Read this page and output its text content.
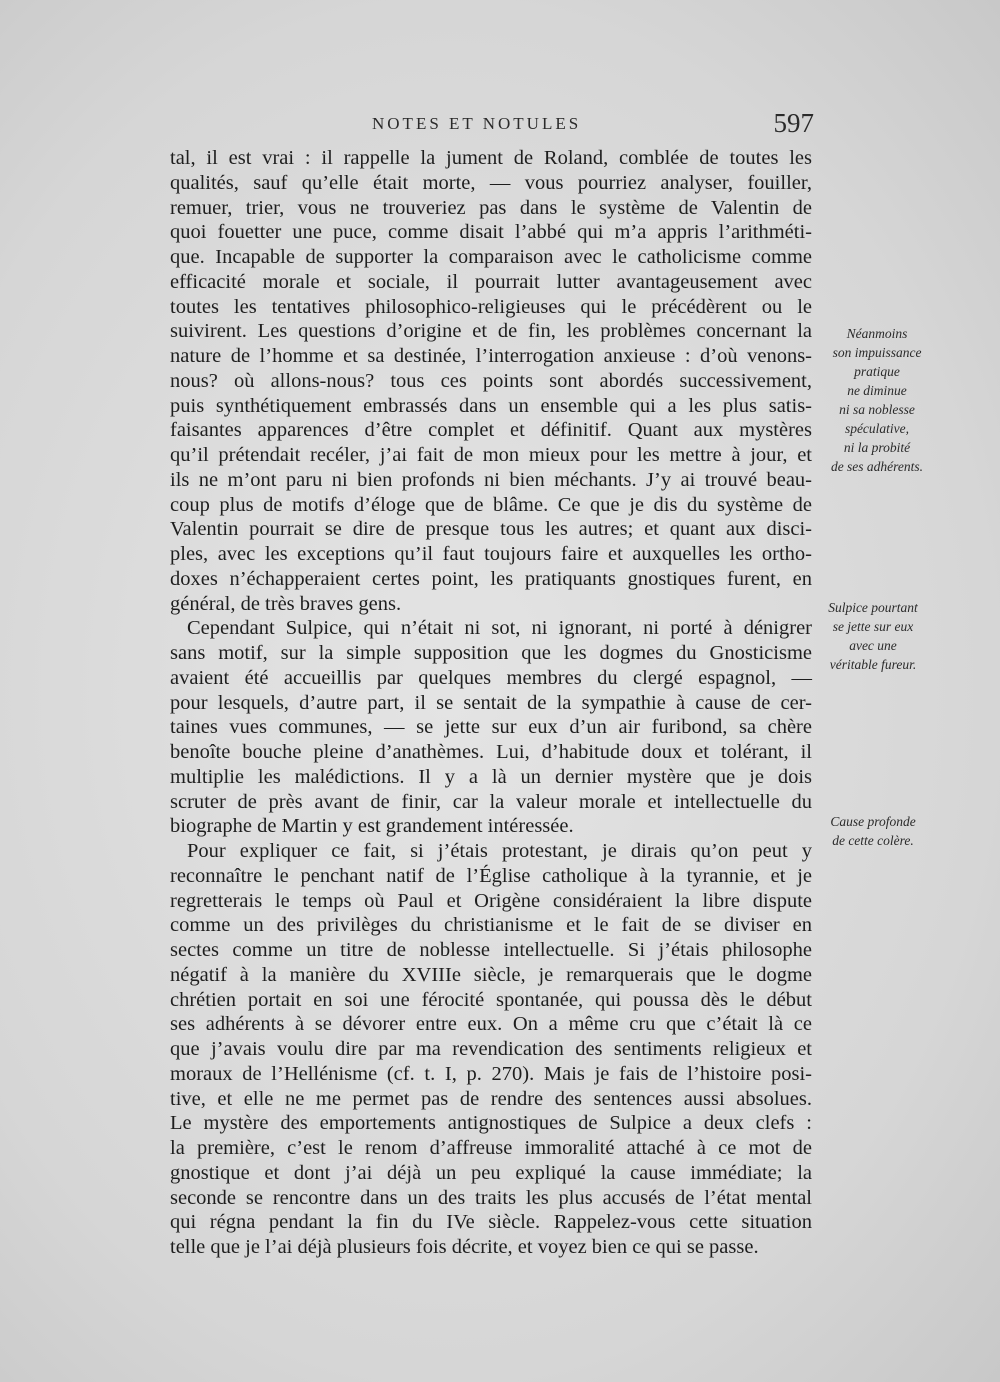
NOTES ET NOTULES	597
tal, il est vrai : il rappelle la jument de Roland, comblée de toutes les
qualités, sauf qu’elle était morte, — vous pourriez analyser, fouiller,
remuer, trier, vous ne trouveriez pas dans le système de Valentin de
quoi fouetter une puce, comme disait l’abbé qui m’a appris l’arithméti-
que. Incapable de supporter la comparaison avec le catholicisme comme
efficacité morale et sociale, il pourrait lutter avantageusement avec
toutes les tentatives philosophico-religieuses qui le précédèrent ou le
suivirent. Les questions d’origine et de fin, les problèmes concernant la
nature de l’homme et sa destinée, l’interrogation anxieuse : d’où venons-
nous? où allons-nous? tous ces points sont abordés successivement,
puis synthétiquement embrassés dans un ensemble qui a les plus satis-
faisantes apparences d’être complet et définitif. Quant aux mystères
qu’il prétendait recéler, j’ai fait de mon mieux pour les mettre à jour, et
ils ne m’ont paru ni bien profonds ni bien méchants. J’y ai trouvé beau-
coup plus de motifs d’éloge que de blâme. Ce que je dis du système de
Valentin pourrait se dire de presque tous les autres; et quant aux disci-
ples, avec les exceptions qu’il faut toujours faire et auxquelles les ortho-
doxes n’échapperaient certes point, les pratiquants gnostiques furent, en
général, de très braves gens.
Cependant Sulpice, qui n’était ni sot, ni ignorant, ni porté à dénigrer
sans motif, sur la simple supposition que les dogmes du Gnosticisme
avaient été accueillis par quelques membres du clergé espagnol, —
pour lesquels, d’autre part, il se sentait de la sympathie à cause de cer-
taines vues communes, — se jette sur eux d’un air furibond, sa chère
benoîte bouche pleine d’anathèmes. Lui, d’habitude doux et tolérant, il
multiplie les malédictions. Il y a là un dernier mystère que je dois
scruter de près avant de finir, car la valeur morale et intellectuelle du
biographe de Martin y est grandement intéressée.
Pour expliquer ce fait, si j’étais protestant, je dirais qu’on peut y
reconnaître le penchant natif de l’Église catholique à la tyrannie, et je
regretterais le temps où Paul et Origène considéraient la libre dispute
comme un des privilèges du christianisme et le fait de se diviser en
sectes comme un titre de noblesse intellectuelle. Si j’étais philosophe
négatif à la manière du XVIIIe siècle, je remarquerais que le dogme
chrétien portait en soi une férocité spontanée, qui poussa dès le début
ses adhérents à se dévorer entre eux. On a même cru que c’était là ce
que j’avais voulu dire par ma revendication des sentiments religieux et
moraux de l’Hellénisme (cf. t. I, p. 270). Mais je fais de l’histoire posi-
tive, et elle ne me permet pas de rendre des sentences aussi absolues.
Le mystère des emportements antignostiques de Sulpice a deux clefs :
la première, c’est le renom d’affreuse immoralité attaché à ce mot de
gnostique et dont j’ai déjà un peu expliqué la cause immédiate; la
seconde se rencontre dans un des traits les plus accusés de l’état mental
qui régna pendant la fin du IVe siècle. Rappelez-vous cette situation
telle que je l’ai déjà plusieurs fois décrite, et voyez bien ce qui se passe.
Néanmoins
son impuissance
pratique
ne diminue
ni sa noblesse
spéculative,
ni la probité
de ses adhérents.
Sulpice pourtant
se jette sur eux
avec une
véritable fureur.
Cause profonde
de cette colère.
